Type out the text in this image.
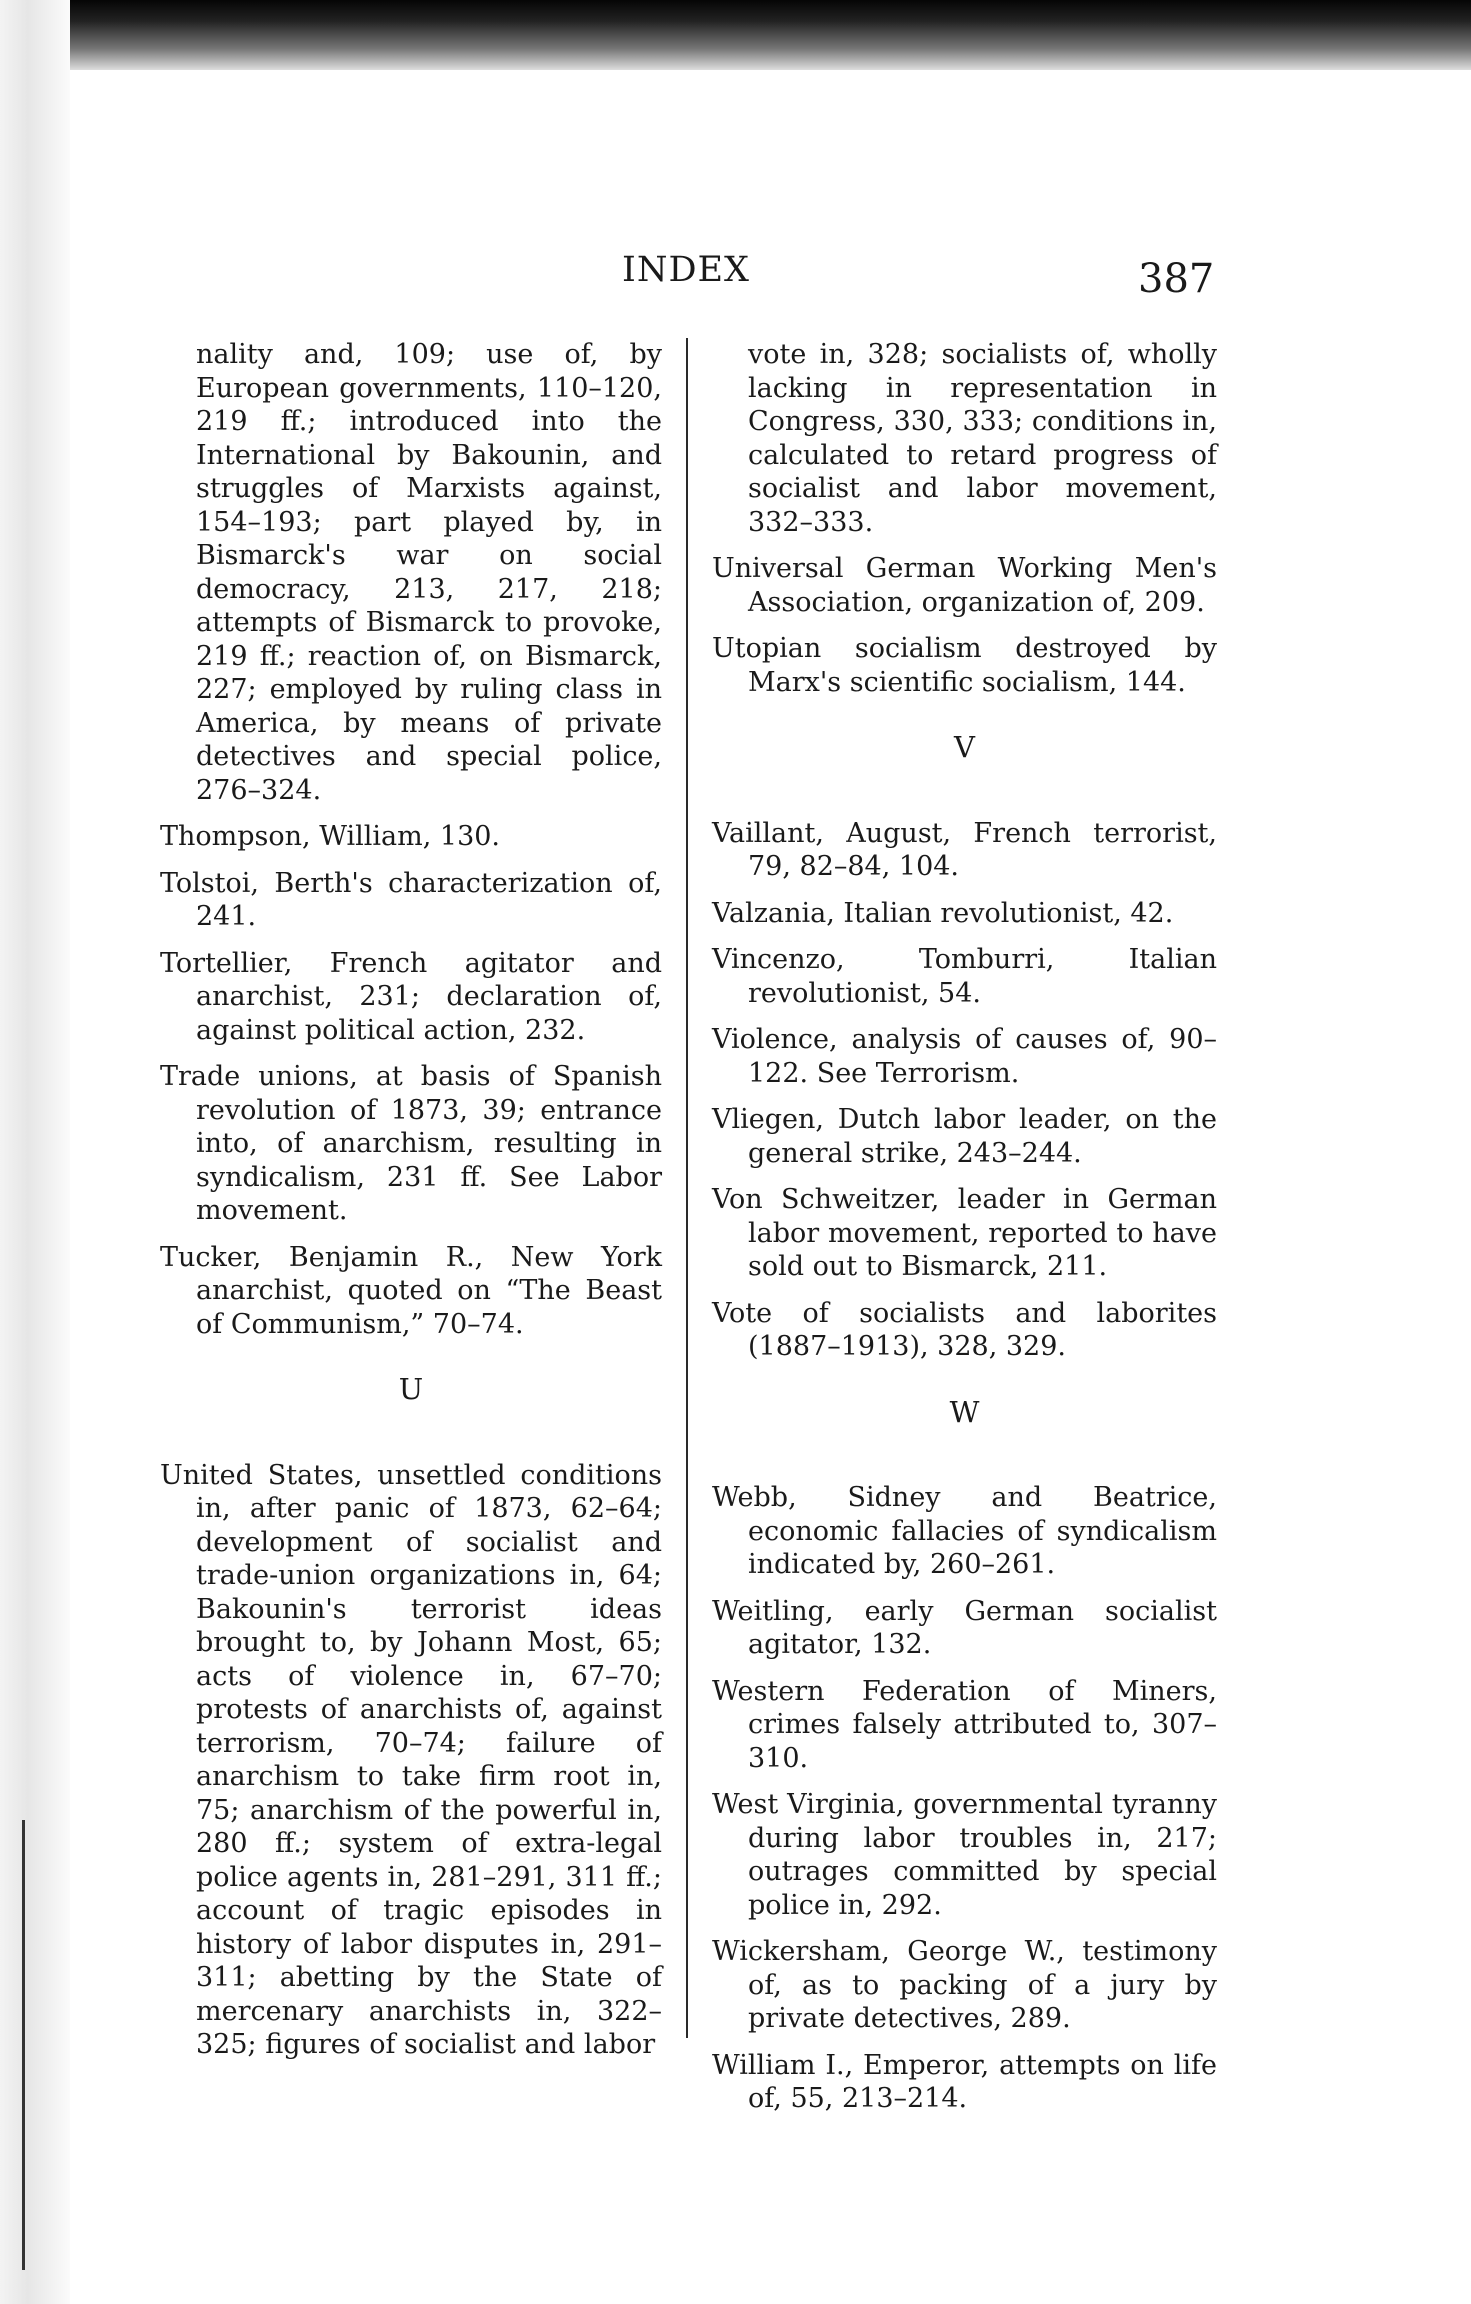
INDEX	387

nality and, 109; use of, by European governments, 110–120, 219 ff.; introduced into the International by Bakounin, and struggles of Marxists against, 154–193; part played by, in Bismarck's war on social democracy, 213, 217, 218; attempts of Bismarck to provoke, 219 ff.; reaction of, on Bismarck, 227; employed by ruling class in America, by means of private detectives and special police, 276–324.

Thompson, William, 130.

Tolstoi, Berth's characterization of, 241.

Tortellier, French agitator and anarchist, 231; declaration of, against political action, 232.

Trade unions, at basis of Spanish revolution of 1873, 39; entrance into, of anarchism, resulting in syndicalism, 231 ff. See Labor movement.

Tucker, Benjamin R., New York anarchist, quoted on “The Beast of Communism,” 70–74.

U

United States, unsettled conditions in, after panic of 1873, 62–64; development of socialist and trade-union organizations in, 64; Bakounin's terrorist ideas brought to, by Johann Most, 65; acts of violence in, 67–70; protests of anarchists of, against terrorism, 70–74; failure of anarchism to take firm root in, 75; anarchism of the powerful in, 280 ff.; system of extra-legal police agents in, 281–291, 311 ff.; account of tragic episodes in history of labor disputes in, 291–311; abetting by the State of mercenary anarchists in, 322–325; figures of socialist and labor

vote in, 328; socialists of, wholly lacking in representation in Congress, 330, 333; conditions in, calculated to retard progress of socialist and labor movement, 332–333.

Universal German Working Men's Association, organization of, 209.

Utopian socialism destroyed by Marx's scientific socialism, 144.

V

Vaillant, August, French terrorist, 79, 82–84, 104.

Valzania, Italian revolutionist, 42.

Vincenzo, Tomburri, Italian revolutionist, 54.

Violence, analysis of causes of, 90–122. See Terrorism.

Vliegen, Dutch labor leader, on the general strike, 243–244.

Von Schweitzer, leader in German labor movement, reported to have sold out to Bismarck, 211.

Vote of socialists and laborites (1887–1913), 328, 329.

W

Webb, Sidney and Beatrice, economic fallacies of syndicalism indicated by, 260–261.

Weitling, early German socialist agitator, 132.

Western Federation of Miners, crimes falsely attributed to, 307–310.

West Virginia, governmental tyranny during labor troubles in, 217; outrages committed by special police in, 292.

Wickersham, George W., testimony of, as to packing of a jury by private detectives, 289.

William I., Emperor, attempts on life of, 55, 213–214.
